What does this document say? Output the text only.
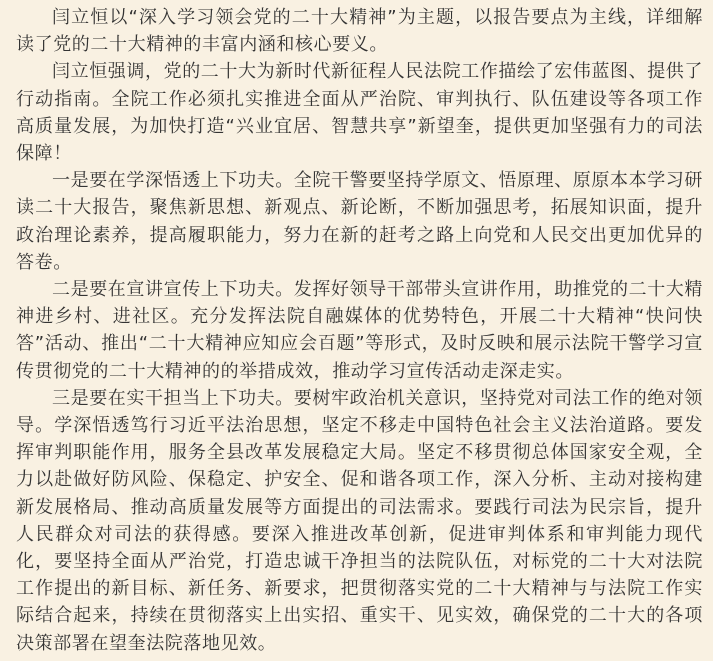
闫立恒以“深入学习领会党的二十大精神”为主题，以报告要点为主线，详细解读了党的二十大精神的丰富内涵和核心要义。

闫立恒强调，党的二十大为新时代新征程人民法院工作描绘了宏伟蓝图、提供了行动指南。全院工作必须扎实推进全面从严治院、审判执行、队伍建设等各项工作高质量发展，为加快打造“兴业宜居、智慧共享”新望奎，提供更加坚强有力的司法保障！

一是要在学深悟透上下功夫。全院干警要坚持学原文、悟原理、原原本本学习研读二十大报告，聚焦新思想、新观点、新论断，不断加强思考，拓展知识面，提升政治理论素养，提高履职能力，努力在新的赶考之路上向党和人民交出更加优异的答卷。

二是要在宣讲宣传上下功夫。发挥好领导干部带头宣讲作用，助推党的二十大精神进乡村、进社区。充分发挥法院自融媒体的优势特色，开展二十大精神“快问快答”活动、推出“二十大精神应知应会百题”等形式，及时反映和展示法院干警学习宣传贯彻党的二十大精神的的举措成效，推动学习宣传活动走深走实。

三是要在实干担当上下功夫。要树牢政治机关意识，坚持党对司法工作的绝对领导。学深悟透笃行习近平法治思想，坚定不移走中国特色社会主义法治道路。要发挥审判职能作用，服务全县改革发展稳定大局。坚定不移贯彻总体国家安全观，全力以赴做好防风险、保稳定、护安全、促和谐各项工作，深入分析、主动对接构建新发展格局、推动高质量发展等方面提出的司法需求。要践行司法为民宗旨，提升人民群众对司法的获得感。要深入推进改革创新，促进审判体系和审判能力现代化，要坚持全面从严治党，打造忠诚干净担当的法院队伍，对标党的二十大对法院工作提出的新目标、新任务、新要求，把贯彻落实党的二十大精神与与法院工作实际结合起来，持续在贯彻落实上出实招、重实干、见实效，确保党的二十大的各项决策部署在望奎法院落地见效。
